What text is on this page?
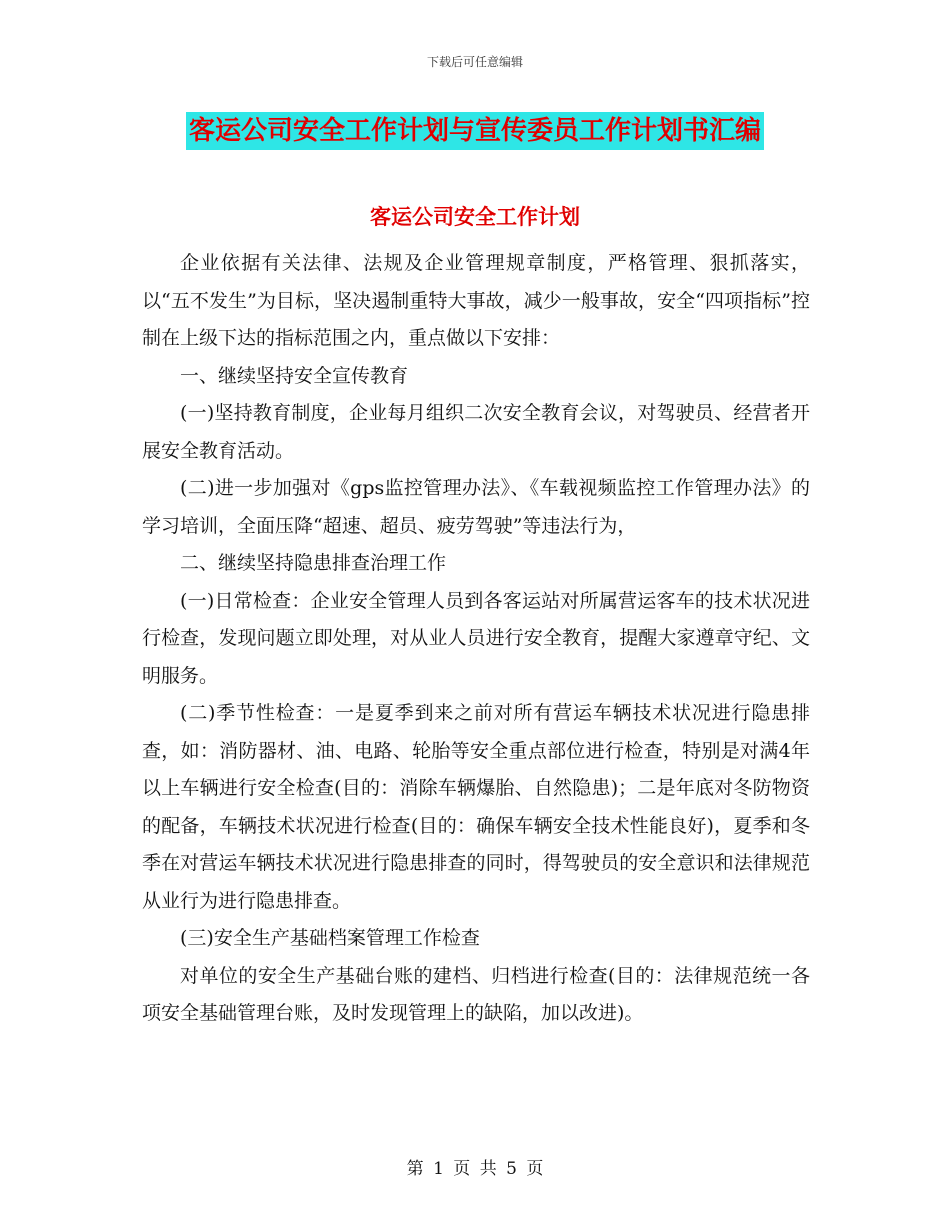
下载后可任意编辑
客运公司安全工作计划与宣传委员工作计划书汇编
客运公司安全工作计划

企业依据有关法律、法规及企业管理规章制度，严格管理、狠抓落实，以“五不发生”为目标，坚决遏制重特大事故，减少一般事故，安全“四项指标”控制在上级下达的指标范围之内，重点做以下安排：

一、继续坚持安全宣传教育

(一)坚持教育制度，企业每月组织二次安全教育会议，对驾驶员、经营者开展安全教育活动。

(二)进一步加强对《gps监控管理办法》、《车载视频监控工作管理办法》的学习培训，全面压降“超速、超员、疲劳驾驶”等违法行为，

二、继续坚持隐患排查治理工作

(一)日常检查：企业安全管理人员到各客运站对所属营运客车的技术状况进行检查，发现问题立即处理，对从业人员进行安全教育，提醒大家遵章守纪、文明服务。

(二)季节性检查：一是夏季到来之前对所有营运车辆技术状况进行隐患排查，如：消防器材、油、电路、轮胎等安全重点部位进行检查，特别是对满4年以上车辆进行安全检查(目的：消除车辆爆胎、自然隐患)；二是年底对冬防物资的配备，车辆技术状况进行检查(目的：确保车辆安全技术性能良好)，夏季和冬季在对营运车辆技术状况进行隐患排查的同时，得驾驶员的安全意识和法律规范从业行为进行隐患排查。

(三)安全生产基础档案管理工作检查

对单位的安全生产基础台账的建档、归档进行检查(目的：法律规范统一各项安全基础管理台账，及时发现管理上的缺陷，加以改进)。

第 1 页 共 5 页
